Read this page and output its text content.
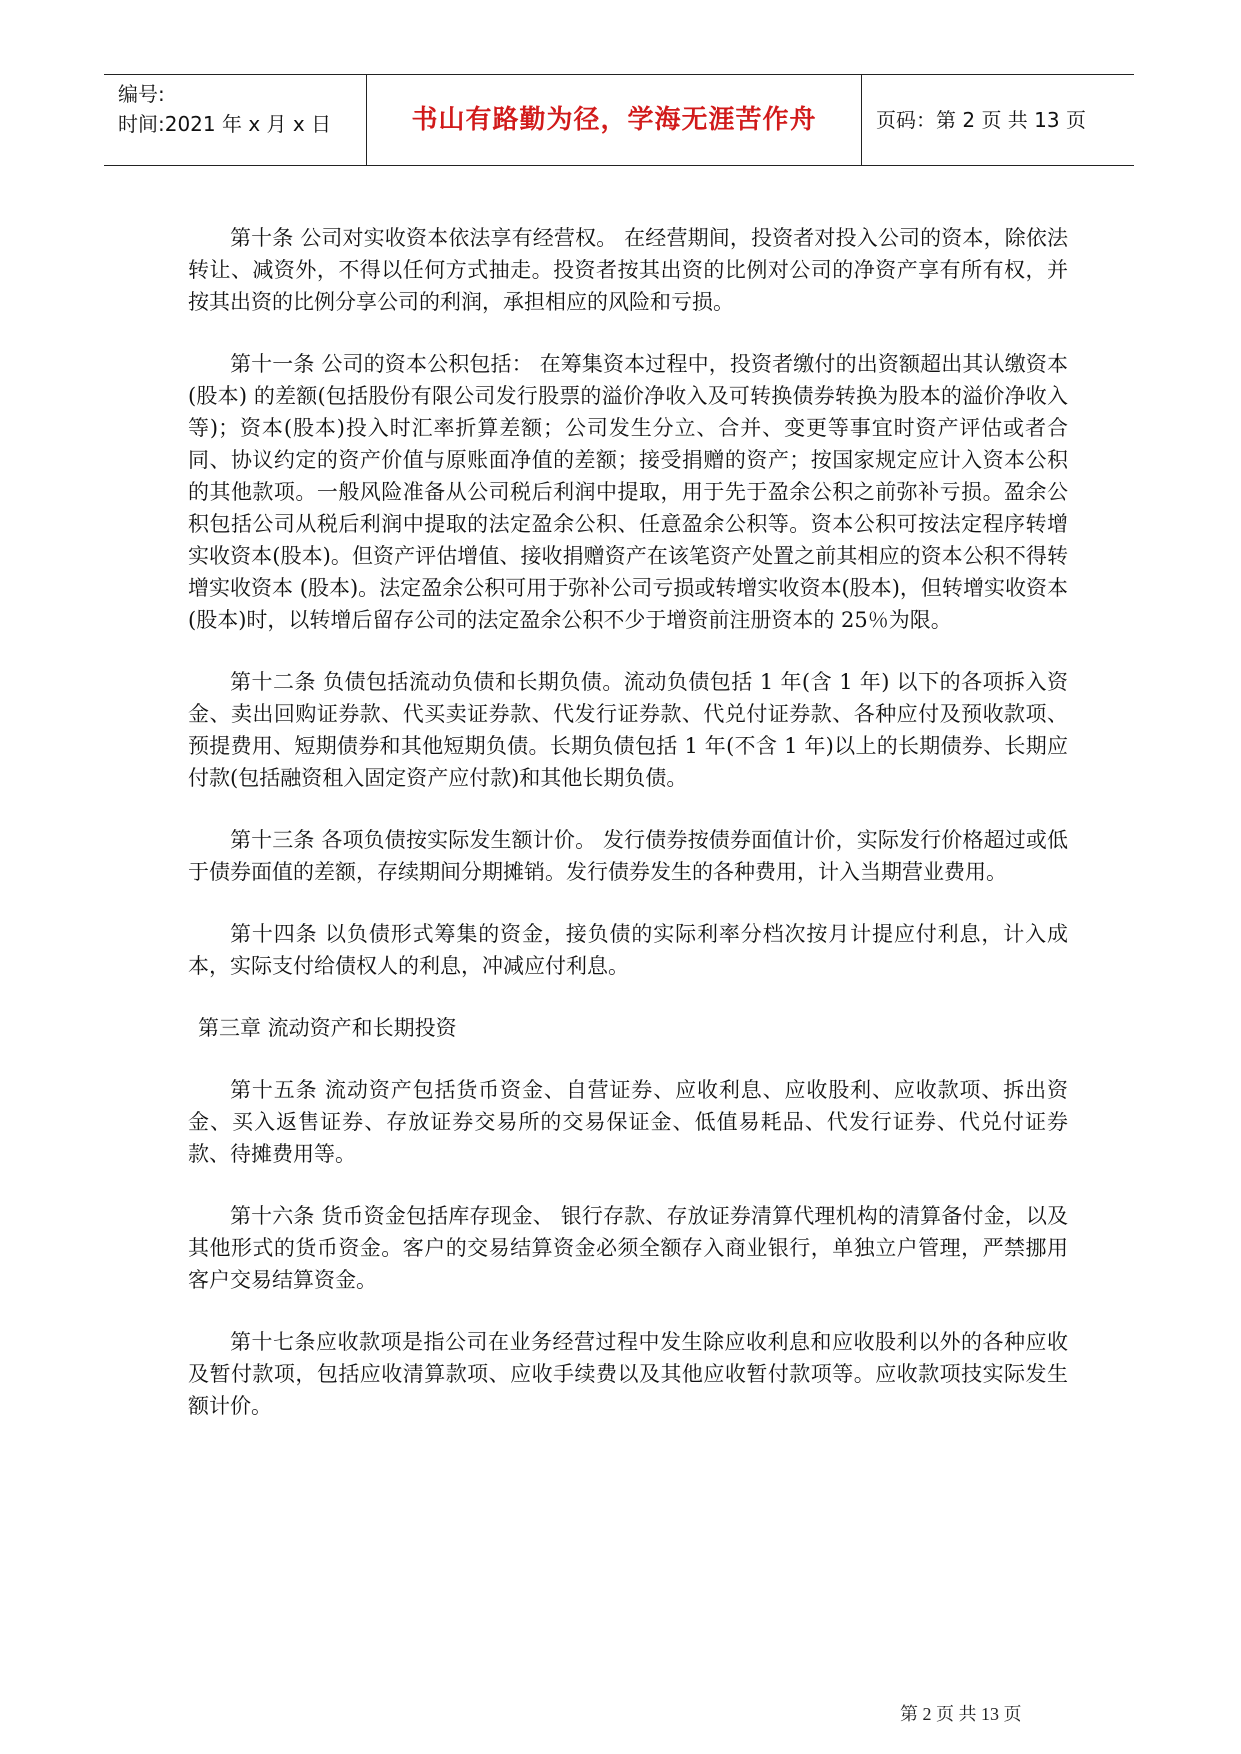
编号:
时间:2021 年 x 月 x 日	书山有路勤为径，学海无涯苦作舟	页码：第 2 页 共 13 页

第十条 公司对实收资本依法享有经营权。 在经营期间，投资者对投入公司的资本，除依法转让、减资外，不得以任何方式抽走。投资者按其出资的比例对公司的净资产享有所有权，并按其出资的比例分享公司的利润，承担相应的风险和亏损。

第十一条 公司的资本公积包括： 在筹集资本过程中，投资者缴付的出资额超出其认缴资本(股本) 的差额(包括股份有限公司发行股票的溢价净收入及可转换债券转换为股本的溢价净收入等)；资本(股本)投入时汇率折算差额；公司发生分立、合并、变更等事宜时资产评估或者合同、协议约定的资产价值与原账面净值的差额；接受捐赠的资产；按国家规定应计入资本公积的其他款项。一般风险准备从公司税后利润中提取，用于先于盈余公积之前弥补亏损。盈余公积包括公司从税后利润中提取的法定盈余公积、任意盈余公积等。资本公积可按法定程序转增实收资本(股本)。但资产评估增值、接收捐赠资产在该笔资产处置之前其相应的资本公积不得转增实收资本 (股本)。法定盈余公积可用于弥补公司亏损或转增实收资本(股本)，但转增实收资本(股本)时，以转增后留存公司的法定盈余公积不少于增资前注册资本的 25％为限。

第十二条 负债包括流动负债和长期负债。流动负债包括 1 年(含 1 年) 以下的各项拆入资金、卖出回购证券款、代买卖证券款、代发行证券款、代兑付证券款、各种应付及预收款项、预提费用、短期债券和其他短期负债。长期负债包括 1 年(不含 1 年)以上的长期债券、长期应付款(包括融资租入固定资产应付款)和其他长期负债。

第十三条 各项负债按实际发生额计价。 发行债券按债券面值计价，实际发行价格超过或低于债券面值的差额，存续期间分期摊销。发行债券发生的各种费用，计入当期营业费用。

第十四条 以负债形式筹集的资金，接负债的实际利率分档次按月计提应付利息，计入成本，实际支付给债权人的利息，冲减应付利息。

第三章 流动资产和长期投资

第十五条 流动资产包括货币资金、自营证券、应收利息、应收股利、应收款项、拆出资金、买入返售证券、存放证券交易所的交易保证金、低值易耗品、代发行证券、代兑付证券款、待摊费用等。

第十六条 货币资金包括库存现金、 银行存款、存放证券清算代理机构的清算备付金，以及其他形式的货币资金。客户的交易结算资金必须全额存入商业银行，单独立户管理，严禁挪用客户交易结算资金。

第十七条应收款项是指公司在业务经营过程中发生除应收利息和应收股利以外的各种应收及暂付款项，包括应收清算款项、应收手续费以及其他应收暂付款项等。应收款项技实际发生额计价。

第 2 页 共 13 页
